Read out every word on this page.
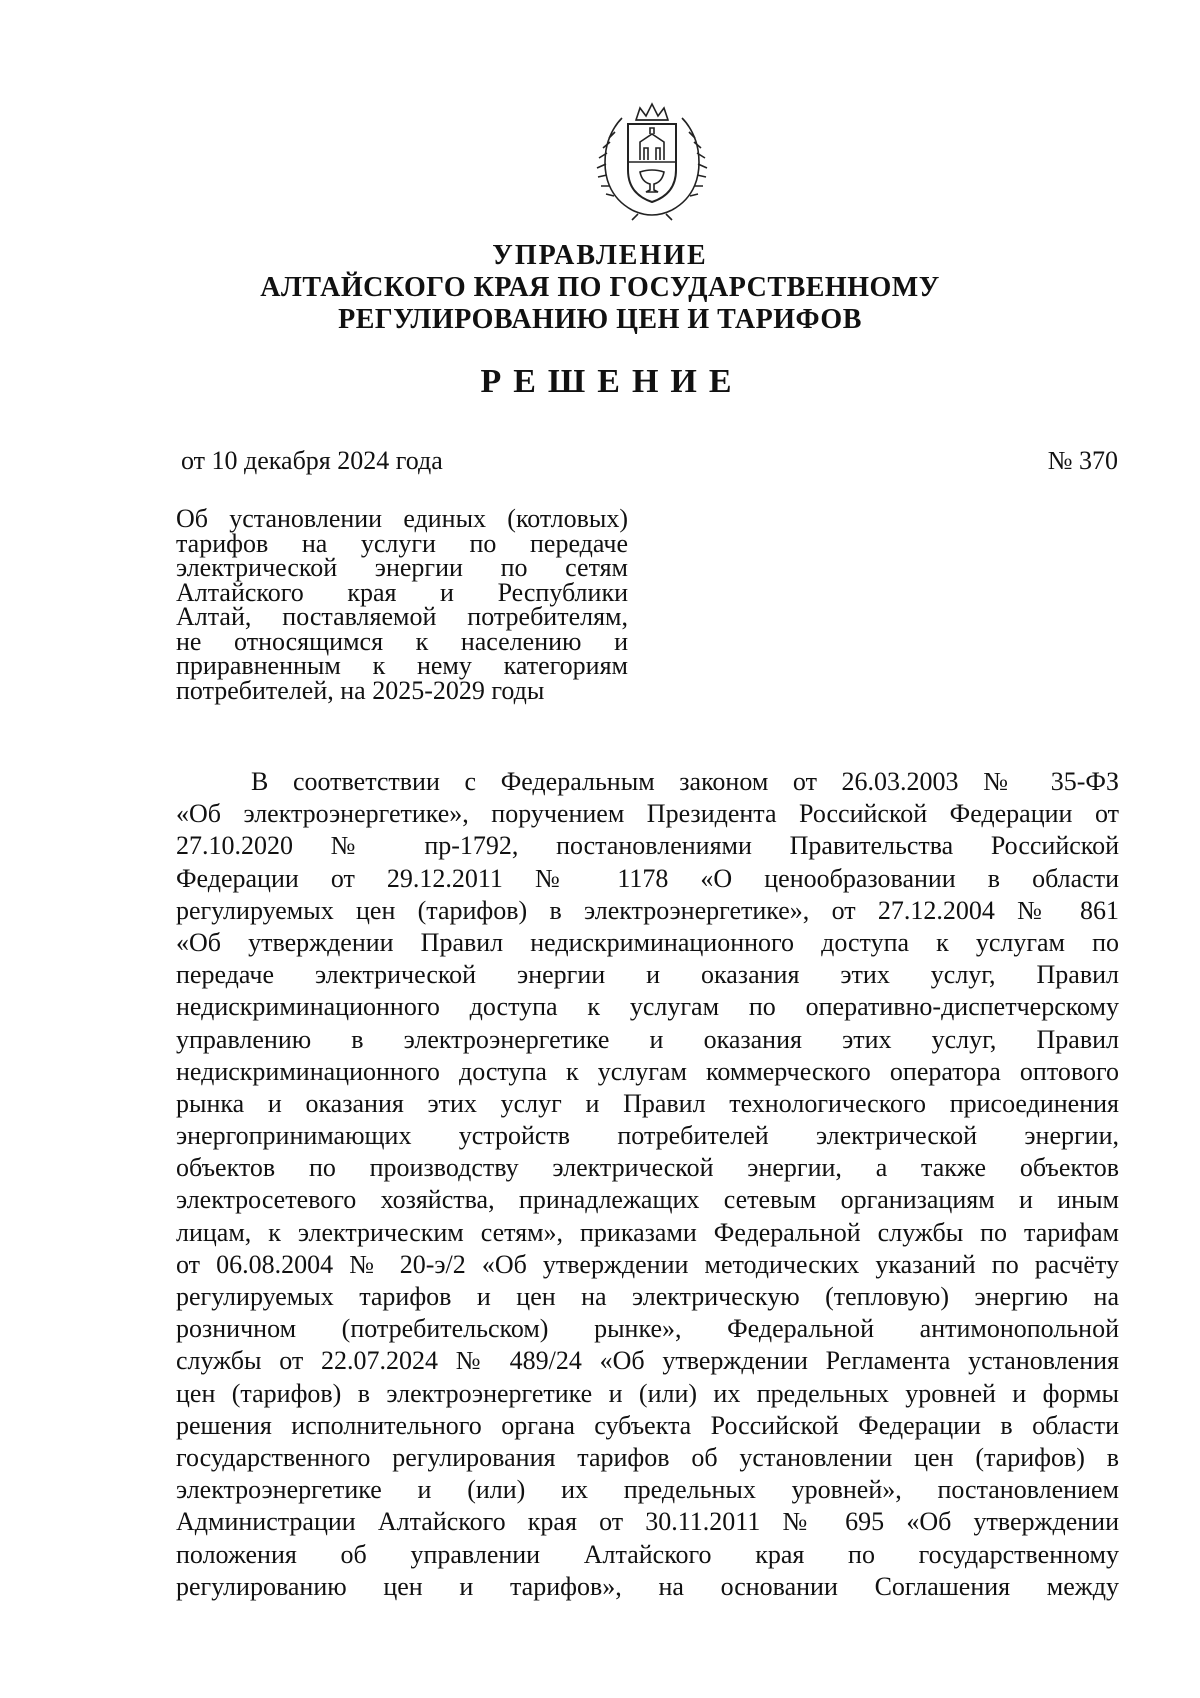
УПРАВЛЕНИЕ
АЛТАЙСКОГО КРАЯ ПО ГОСУДАРСТВЕННОМУ
РЕГУЛИРОВАНИЮ ЦЕН И ТАРИФОВ
РЕШЕНИЕ
от 10 декабря 2024 года	№ 370
Об установлении единых (котловых)
тарифов на услуги по передаче
электрической энергии по сетям
Алтайского края и Республики
Алтай, поставляемой потребителям,
не относящимся к населению и
приравненным к нему категориям
потребителей, на 2025-2029 годы
В соответствии с Федеральным законом от 26.03.2003 № 35-ФЗ
«Об электроэнергетике», поручением Президента Российской Федерации от
27.10.2020 № пр-1792, постановлениями Правительства Российской
Федерации от 29.12.2011 № 1178 «О ценообразовании в области
регулируемых цен (тарифов) в электроэнергетике», от 27.12.2004 № 861
«Об утверждении Правил недискриминационного доступа к услугам по
передаче электрической энергии и оказания этих услуг, Правил
недискриминационного доступа к услугам по оперативно-диспетчерскому
управлению в электроэнергетике и оказания этих услуг, Правил
недискриминационного доступа к услугам коммерческого оператора оптового
рынка и оказания этих услуг и Правил технологического присоединения
энергопринимающих устройств потребителей электрической энергии,
объектов по производству электрической энергии, а также объектов
электросетевого хозяйства, принадлежащих сетевым организациям и иным
лицам, к электрическим сетям», приказами Федеральной службы по тарифам
от 06.08.2004 № 20-э/2 «Об утверждении методических указаний по расчёту
регулируемых тарифов и цен на электрическую (тепловую) энергию на
розничном (потребительском) рынке», Федеральной антимонопольной
службы от 22.07.2024 № 489/24 «Об утверждении Регламента установления
цен (тарифов) в электроэнергетике и (или) их предельных уровней и формы
решения исполнительного органа субъекта Российской Федерации в области
государственного регулирования тарифов об установлении цен (тарифов) в
электроэнергетике и (или) их предельных уровней», постановлением
Администрации Алтайского края от 30.11.2011 № 695 «Об утверждении
положения об управлении Алтайского края по государственному
регулированию цен и тарифов», на основании Соглашения между
